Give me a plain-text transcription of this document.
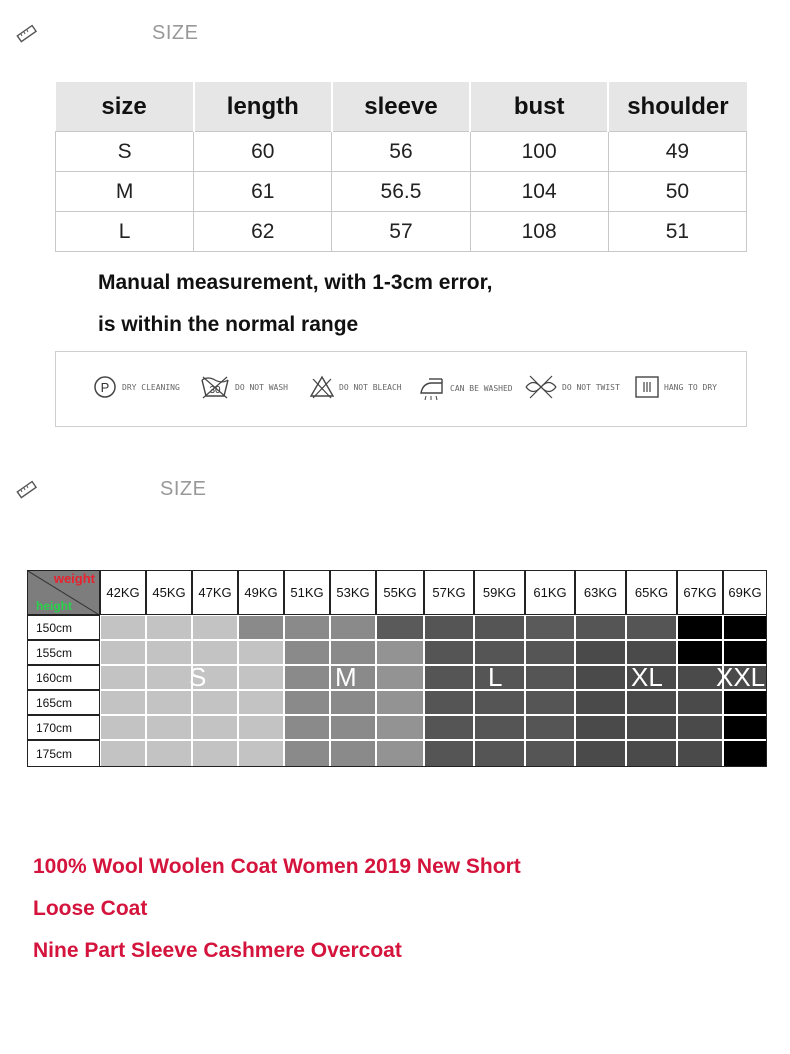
SIZE
size	length	sleeve	bust	shoulder
S	60	56	100	49
M	61	56.5	104	50
L	62	57	108	51
Manual measurement, with 1-3cm error,
is within the normal range
P DRY CLEANING	30 DO NOT WASH	DO NOT BLEACH	CAN BE WASHED	DO NOT TWIST	HANG TO DRY
SIZE
weight
height
42KG 45KG 47KG 49KG 51KG 53KG	55KG	57KG	59KG	61KG	63KG	65KG	67KG 69KG
150cm
155cm
160cm
165cm
170cm
175cm
S	M	L	XL XXL
100% Wool Woolen Coat Women 2019 New Short
Loose Coat
Nine Part Sleeve Cashmere Overcoat
